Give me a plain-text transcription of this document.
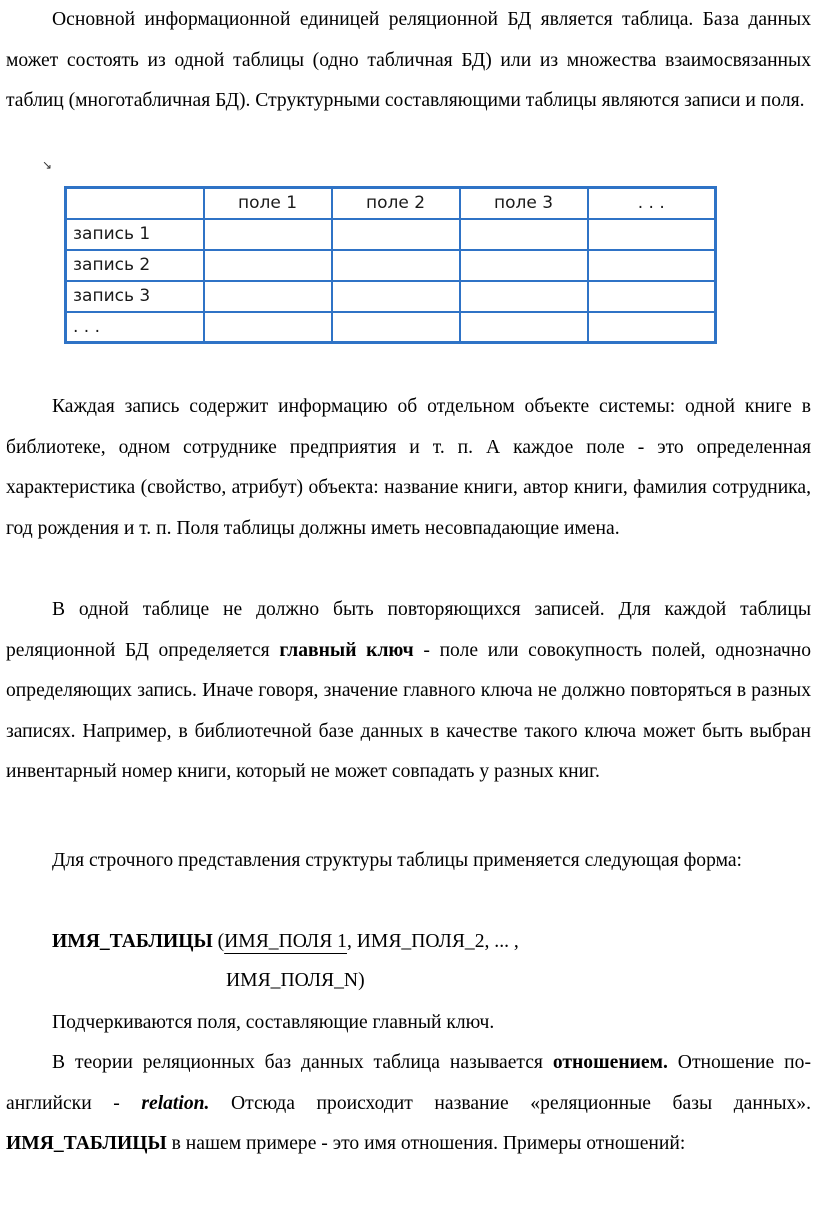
Основной информационной единицей реляционной БД является таблица. База данных может состоять из одной таблицы (одно табличная БД) или из множества взаимосвязанных таблиц (многотабличная БД). Структурными составляющими таблицы являются записи и поля.

↘
	поле 1	поле 2	поле 3	. . .
запись 1				
запись 2				
запись 3				
. . .				

Каждая запись содержит информацию об отдельном объекте системы: одной книге в библиотеке, одном сотруднике предприятия и т. п. А каждое поле - это определенная характеристика (свойство, атрибут) объекта: название книги, автор книги, фамилия сотрудника, год рождения и т. п. Поля таблицы должны иметь несовпадающие имена.

В одной таблице не должно быть повторяющихся записей. Для каждой таблицы реляционной БД определяется главный ключ - поле или совокупность полей, однозначно определяющих запись. Иначе говоря, значение главного ключа не должно повторяться в разных записях. Например, в библиотечной базе данных в качестве такого ключа может быть выбран инвентарный номер книги, который не может совпадать у разных книг.

Для строчного представления структуры таблицы применяется следующая форма:

ИМЯ_ТАБЛИЦЫ (ИМЯ_ПОЛЯ 1, ИМЯ_ПОЛЯ_2, ... ,
ИМЯ_ПОЛЯ_N)

Подчеркиваются поля, составляющие главный ключ.

В теории реляционных баз данных таблица называется отношением. Отношение по-английски - relation. Отсюда происходит название «реляционные базы данных». ИМЯ_ТАБЛИЦЫ в нашем примере - это имя отношения. Примеры отношений:
